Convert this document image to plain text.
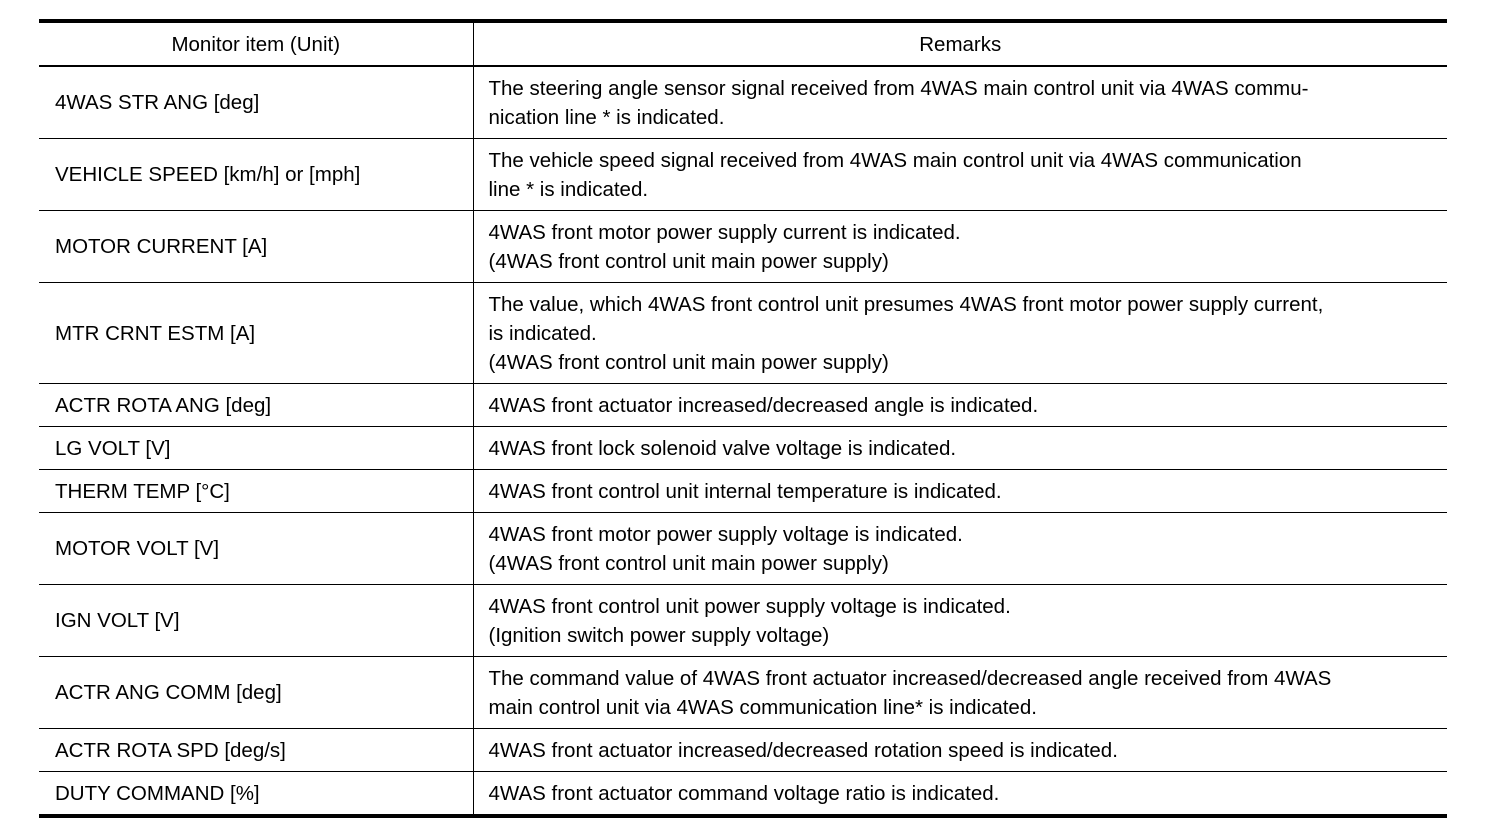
Monitor item (Unit)	Remarks
4WAS STR ANG [deg]	The steering angle sensor signal received from 4WAS main control unit via 4WAS commu-
nication line * is indicated.

VEHICLE SPEED [km/h] or [mph]	The vehicle speed signal received from 4WAS main control unit via 4WAS communication
line * is indicated.

MOTOR CURRENT [A]	4WAS front motor power supply current is indicated.
(4WAS front control unit main power supply)

MTR CRNT ESTM [A]	The value, which 4WAS front control unit presumes 4WAS front motor power supply current,
is indicated.
(4WAS front control unit main power supply)

ACTR ROTA ANG [deg]	4WAS front actuator increased/decreased angle is indicated.

LG VOLT [V]	4WAS front lock solenoid valve voltage is indicated.

THERM TEMP [°C]	4WAS front control unit internal temperature is indicated.

MOTOR VOLT [V]	4WAS front motor power supply voltage is indicated.
(4WAS front control unit main power supply)

IGN VOLT [V]	4WAS front control unit power supply voltage is indicated.
(Ignition switch power supply voltage)

ACTR ANG COMM [deg]	The command value of 4WAS front actuator increased/decreased angle received from 4WAS
main control unit via 4WAS communication line* is indicated.

ACTR ROTA SPD [deg/s]	4WAS front actuator increased/decreased rotation speed is indicated.

DUTY COMMAND [%]	4WAS front actuator command voltage ratio is indicated.
